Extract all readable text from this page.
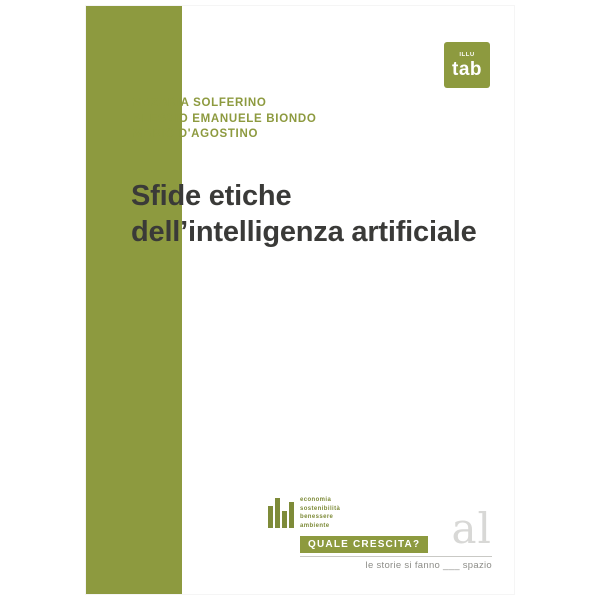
ILLU
tab
NAZARIA SOLFERINO
ALESSIO EMANUELE BIONDO
MARIO D'AGOSTINO
Sfide etiche dell’intelligenza artificiale
economia
sostenibilità
benessere
ambiente	al
QUALE CRESCITA?
le storie si fanno ___ spazio
